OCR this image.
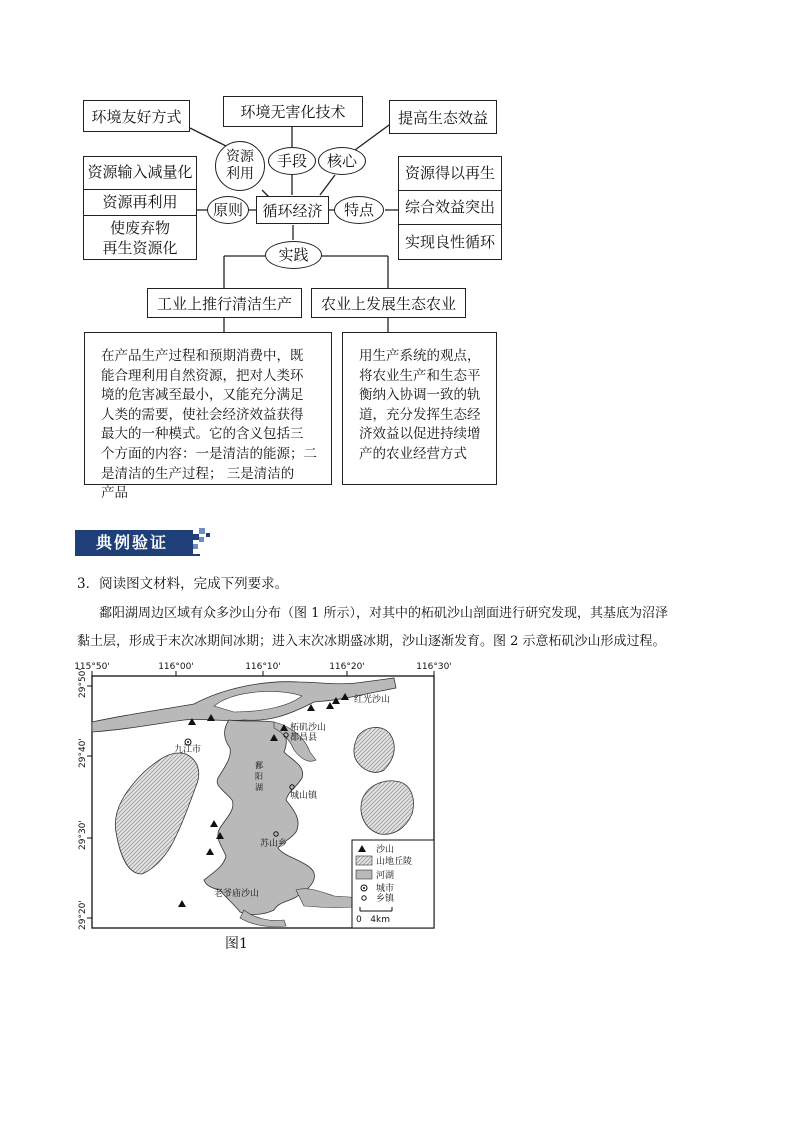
环境友好方式	环境无害化技术	提高生态效益
资源
利用
手段	核心
资源输入减量化
资源再利用
使废弃物
再生资源化
原则	循环经济	特点
资源得以再生
综合效益突出
实现良性循环
实践
工业上推行清洁生产	农业上发展生态农业
在产品生产过程和预期消费中，既
能合理利用自然资源，把对人类环
境的危害减至最小，又能充分满足
人类的需要，使社会经济效益获得
最大的一种模式。它的含义包括三
个方面的内容：一是清洁的能源；二
是清洁的生产过程； 三是清洁的
产品
用生产系统的观点，
将农业生产和生态平
衡纳入协调一致的轨
道，充分发挥生态经
济效益以促进持续增
产的农业经营方式
典例验证
3．阅读图文材料，完成下列要求。
鄱阳湖周边区域有众多沙山分布（图 1 所示），对其中的柘矶沙山剖面进行研究发现，其基底为沼泽
黏土层，形成于末次冰期间冰期；进入末次冰期盛冰期，沙山逐渐发育。图 2 示意柘矶沙山形成过程。
115°50'	116°00'	116°10'	116°20'	116°30'
29°50'
29°40'
29°30'
29°20'
红光沙山
柘矶沙山
都昌县
九江市
鄱阳湖
城山镇
苏山乡
老爷庙沙山
沙山
山地丘陵
河湖
城市
乡镇
0   4km
图1
